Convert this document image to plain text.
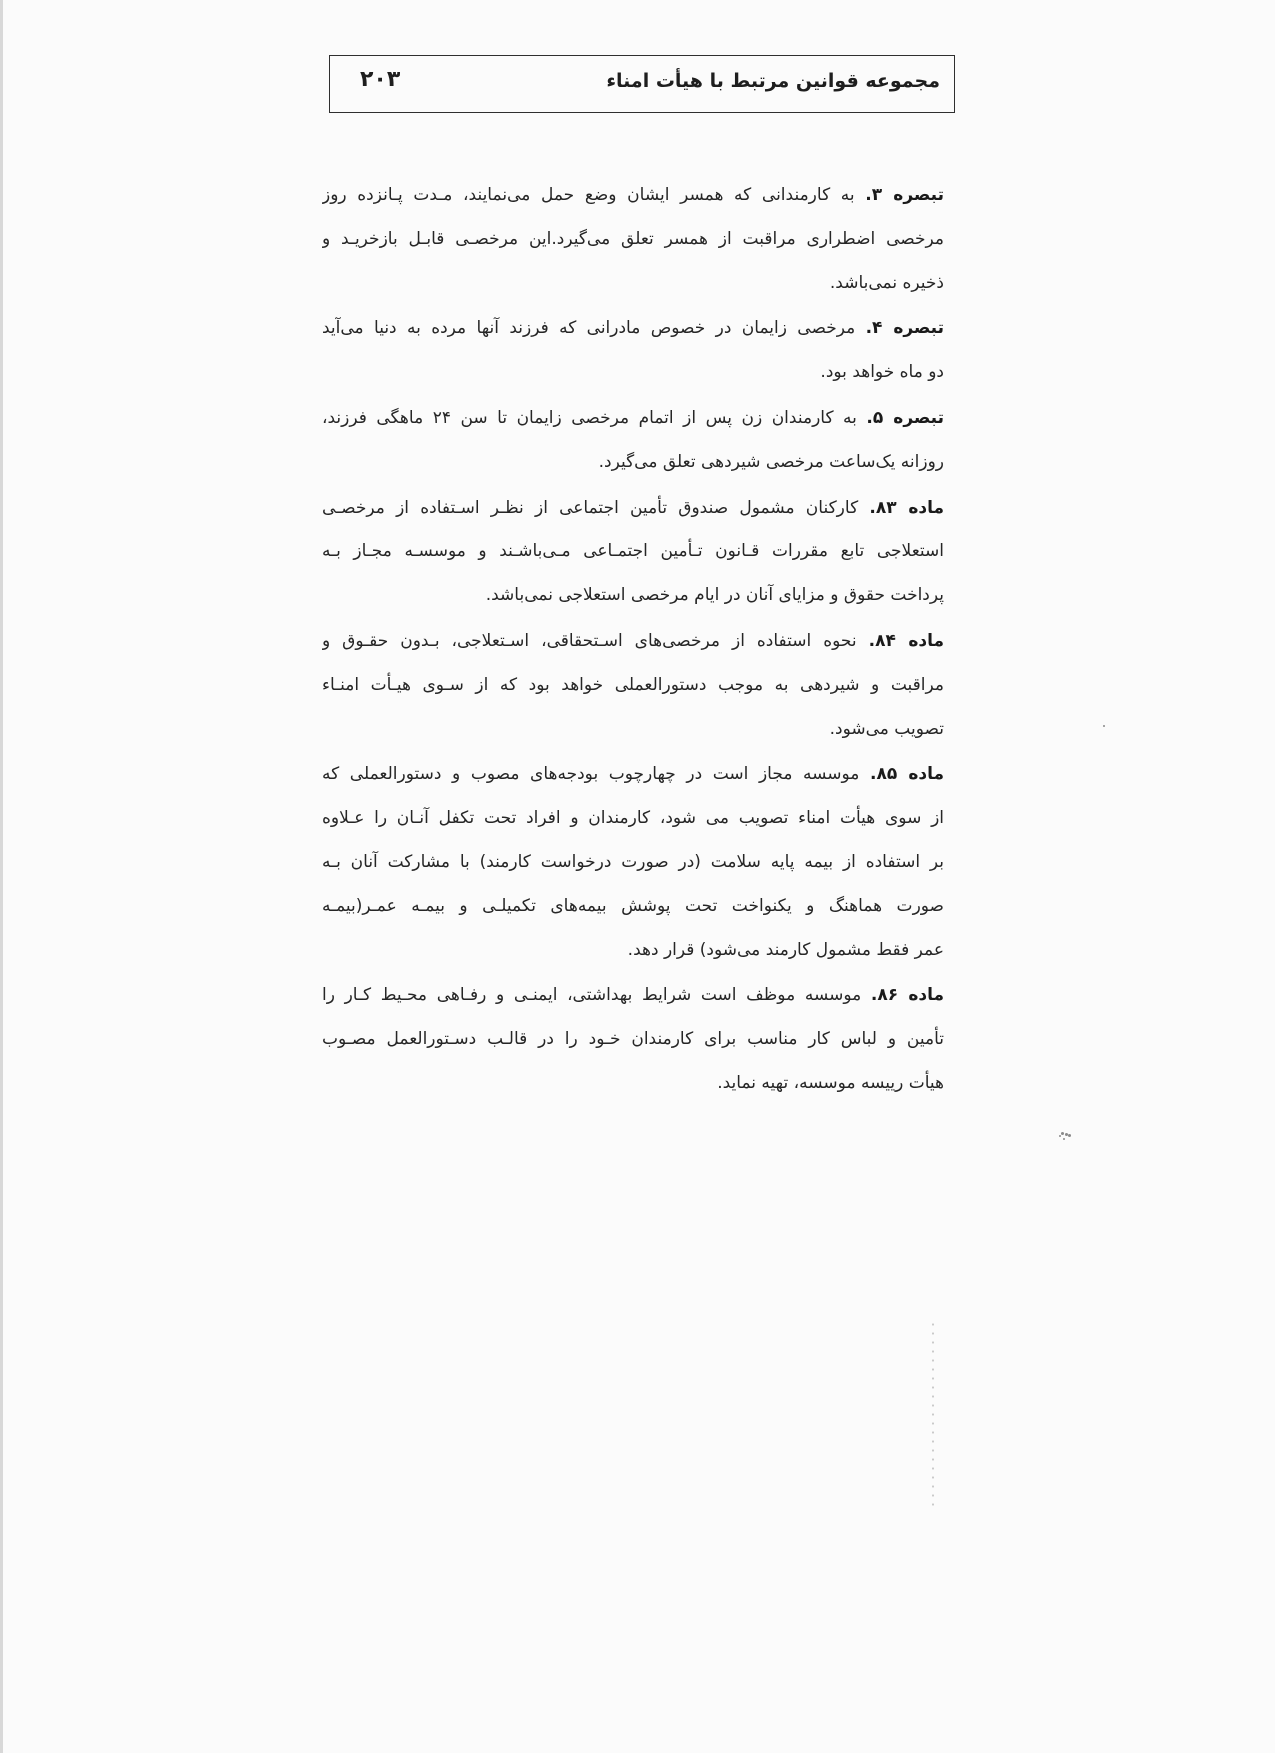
مجموعه قوانین مرتبط با هیأت امناء
۲۰۳
تبصره ۳. به کارمندانی که همسر ایشان وضع حمل می‌نمایند، مـدت پـانزده روز
مرخصی اضطراری مراقبت از همسر تعلق می‌گیرد.این مرخصـی قابـل بازخریـد و
ذخیره نمی‌باشد.
تبصره ۴. مرخصی زایمان در خصوص مادرانی که فرزند آنها مرده به دنیا می‌آید
دو ماه خواهد بود.
تبصره ۵. به کارمندان زن پس از اتمام مرخصی زایمان تا سن ۲۴ ماهگی فرزند،
روزانه یک‌ساعت مرخصی شیردهی تعلق می‌گیرد.
ماده ۸۳. کارکنان مشمول صندوق تأمین اجتماعی از نظـر اسـتفاده از مرخصـی
استعلاجی تابع مقررات قـانون تـأمین اجتمـاعی مـی‌باشـند و موسسـه مجـاز بـه
پرداخت حقوق و مزایای آنان در ایام مرخصی استعلاجی نمی‌باشد.
ماده ۸۴. نحوه استفاده از مرخصی‌های اسـتحقاقی، اسـتعلاجی، بـدون حقـوق و
مراقبت و شیردهی به موجب دستورالعملی خواهد بود که از سـوی هیـأت امنـاء
تصویب می‌شود.
ماده ۸۵. موسسه مجاز است در چهارچوب بودجه‌های مصوب و دستورالعملی که
از سوی هیأت امناء تصویب می شود، کارمندان و افراد تحت تکفل آنـان را عـلاوه
بر استفاده از بیمه پایه سلامت (در صورت درخواست کارمند) با مشارکت آنان بـه
صورت هماهنگ و یکنواخت تحت پوشش بیمه‌های تکمیلـی و بیمـه عمـر(بیمـه
عمر فقط مشمول کارمند می‌شود) قرار دهد.
ماده ۸۶. موسسه موظف است شرایط بهداشتی، ایمنـی و رفـاهی محـیط کـار را
تأمین و لباس کار مناسب برای کارمندان خـود را در قالـب دسـتورالعمل مصـوب
هیأت رییسه موسسه، تهیه نماید.
